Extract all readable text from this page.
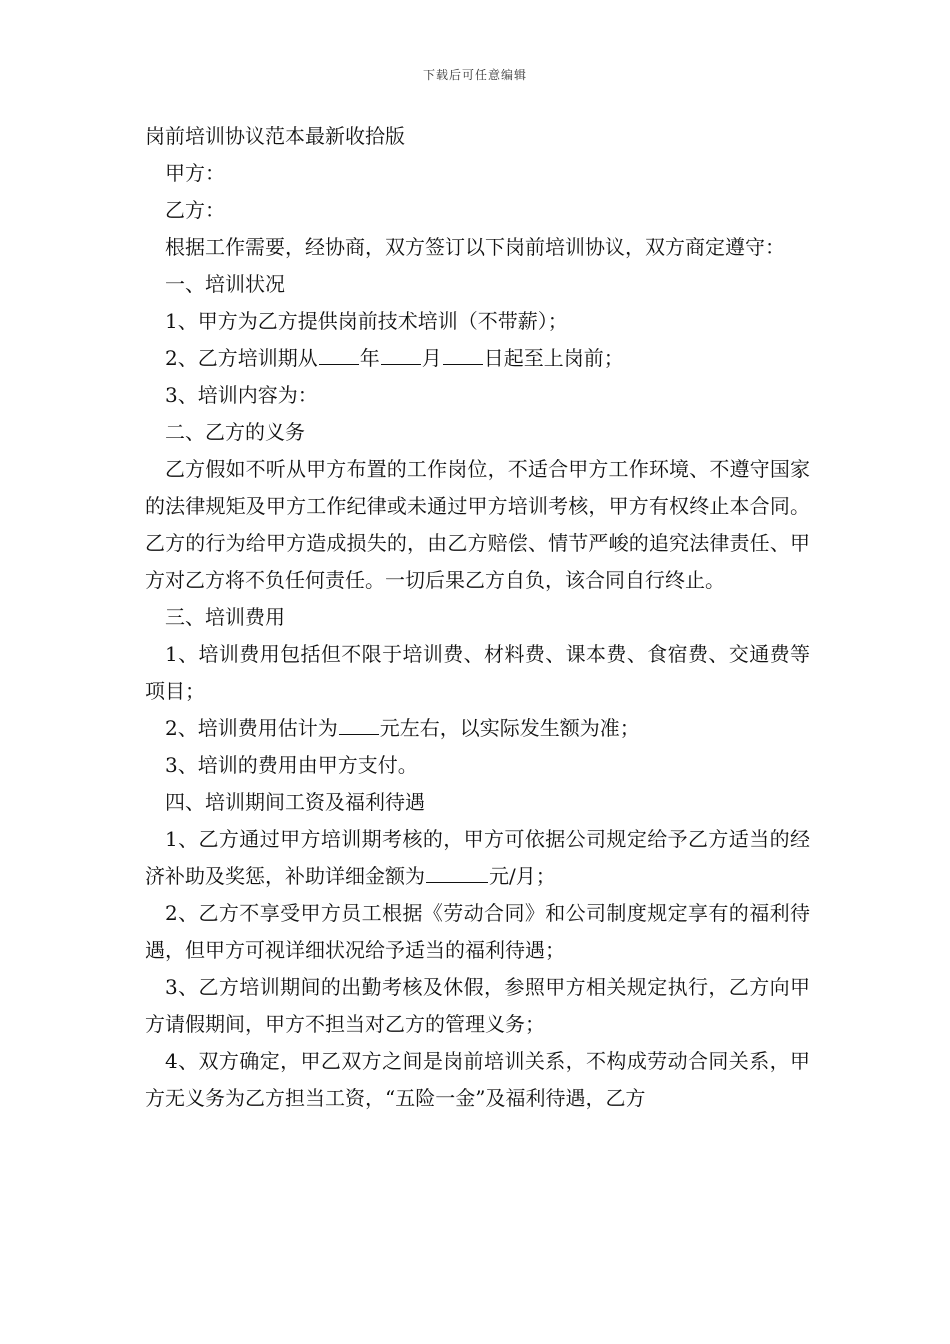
下载后可任意编辑

岗前培训协议范本最新收拾版

甲方：

乙方：

根据工作需要，经协商，双方签订以下岗前培训协议，双方商定遵守：

一、培训状况

1、甲方为乙方提供岗前技术培训（不带薪）；

2、乙方培训期从 年 月 日起至上岗前；

3、培训内容为：

二、乙方的义务

乙方假如不听从甲方布置的工作岗位，不适合甲方工作环境、不遵守国家的法律规矩及甲方工作纪律或未通过甲方培训考核，甲方有权终止本合同。乙方的行为给甲方造成损失的，由乙方赔偿、情节严峻的追究法律责任、甲方对乙方将不负任何责任。一切后果乙方自负，该合同自行终止。

三、培训费用

1、培训费用包括但不限于培训费、材料费、课本费、食宿费、交通费等项目；

2、培训费用估计为 元左右，以实际发生额为准；

3、培训的费用由甲方支付。

四、培训期间工资及福利待遇

1、乙方通过甲方培训期考核的，甲方可依据公司规定给予乙方适当的经济补助及奖惩，补助详细金额为	元/月；

2、乙方不享受甲方员工根据《劳动合同》和公司制度规定享有的福利待遇，但甲方可视详细状况给予适当的福利待遇；

3、乙方培训期间的出勤考核及休假，参照甲方相关规定执行，乙方向甲方请假期间，甲方不担当对乙方的管理义务；

4、双方确定，甲乙双方之间是岗前培训关系，不构成劳动合同关系，甲方无义务为乙方担当工资，“五险一金”及福利待遇，乙方
